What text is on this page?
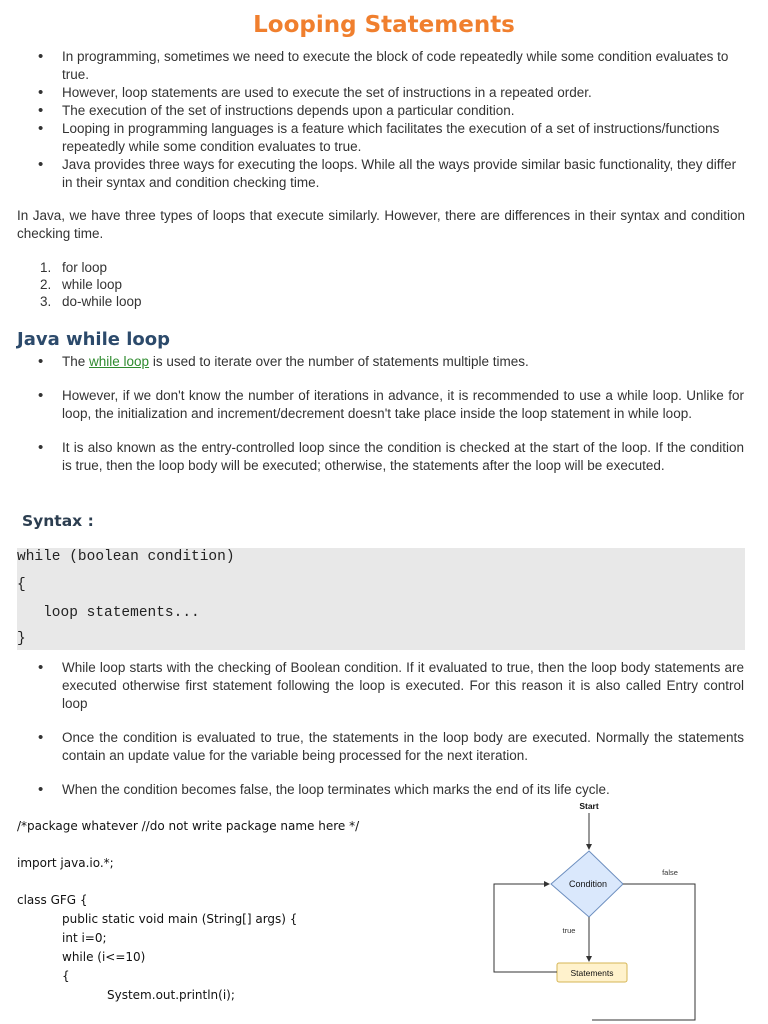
Looping Statements
• In programming, sometimes we need to execute the block of code repeatedly while some condition evaluates to true.
• However, loop statements are used to execute the set of instructions in a repeated order.
• The execution of the set of instructions depends upon a particular condition.
• Looping in programming languages is a feature which facilitates the execution of a set of instructions/functions repeatedly while some condition evaluates to true.
• Java provides three ways for executing the loops. While all the ways provide similar basic functionality, they differ in their syntax and condition checking time.

In Java, we have three types of loops that execute similarly. However, there are differences in their syntax and condition checking time.

1. for loop
2. while loop
3. do-while loop
Java while loop
• The while loop is used to iterate over the number of statements multiple times.
• However, if we don't know the number of iterations in advance, it is recommended to use a while loop. Unlike for loop, the initialization and increment/decrement doesn't take place inside the loop statement in while loop.
• It is also known as the entry-controlled loop since the condition is checked at the start of the loop. If the condition is true, then the loop body will be executed; otherwise, the statements after the loop will be executed.
Syntax :
while (boolean condition)
{
loop statements...
}
• While loop starts with the checking of Boolean condition. If it evaluated to true, then the loop body statements are executed otherwise first statement following the loop is executed. For this reason it is also called Entry control loop
• Once the condition is evaluated to true, the statements in the loop body are executed. Normally the statements contain an update value for the variable being processed for the next iteration.
• When the condition becomes false, the loop terminates which marks the end of its life cycle.
/*package whatever //do not write package name here */
import java.io.*;
class GFG {
public static void main (String[] args) {
int i=0;
while (i<=10)
{
System.out.println(i);
Start
Condition
true
Statements
false
